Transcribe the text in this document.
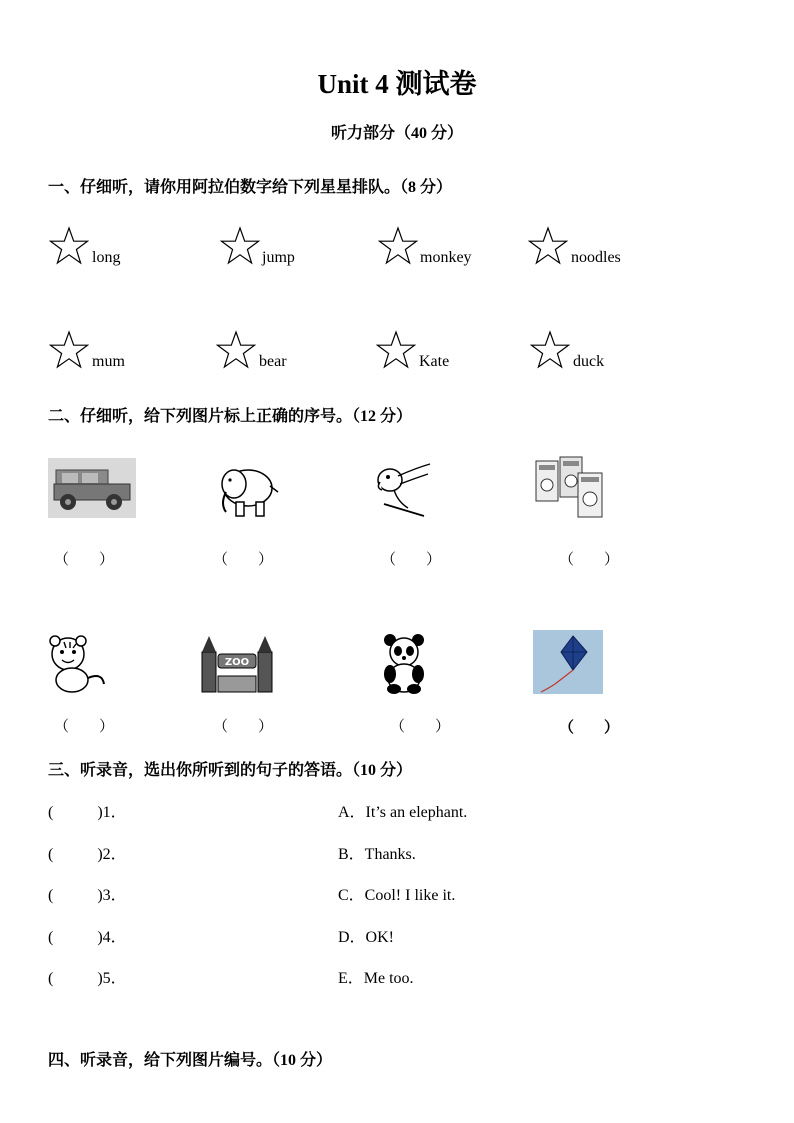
Unit 4 测试卷
听力部分（40 分）
一、仔细听，请你用阿拉伯数字给下列星星排队。（8 分）
long	jump	monkey	noodles
mum	bear	Kate	duck
二、仔细听，给下列图片标上正确的序号。（12 分）
（　　）	（　　）	（　　）	（　　）
ZOO
（　　）	（　　）	（　　）	（　　）
三、听录音，选出你所听到的句子的答语。（10 分）
(	)1．	A．It’s an elephant.
(	)2．	B．Thanks.
(	)3．	C．Cool! I like it.
(	)4．	D．OK!
(	)5．	E．Me too.
四、听录音，给下列图片编号。（10 分）
